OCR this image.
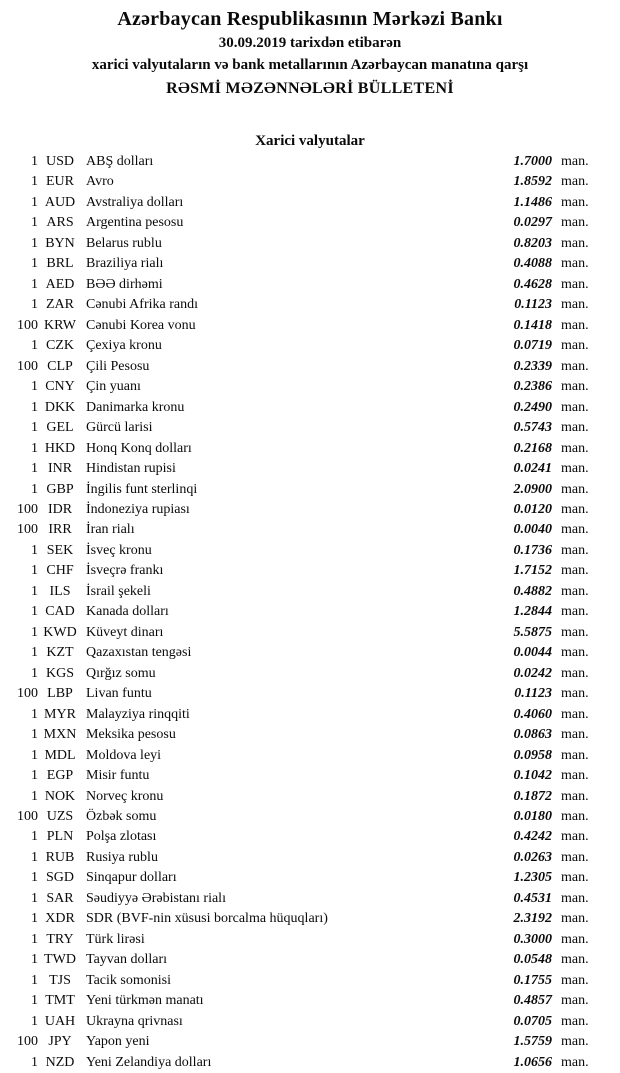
Azərbaycan Respublikasının Mərkəzi Bankı
30.09.2019 tarixdən etibarən
xarici valyutaların və bank metallarının Azərbaycan manatına qarşı
RƏSMİ MƏZƏNNƏLƏRİ BÜLLETENİ
Xarici valyutalar
1 USD ABŞ dolları	1.7000 man.
1 EUR Avro	1.8592 man.
1 AUD Avstraliya dolları	1.1486 man.
1 ARS Argentina pesosu	0.0297 man.
1 BYN Belarus rublu	0.8203 man.
1 BRL Braziliya rialı	0.4088 man.
1 AED BƏƏ dirhəmi	0.4628 man.
1 ZAR Cənubi Afrika randı	0.1123 man.
100 KRW Cənubi Korea vonu	0.1418 man.
1 CZK Çexiya kronu	0.0719 man.
100 CLP Çili Pesosu	0.2339 man.
1 CNY Çin yuanı	0.2386 man.
1 DKK Danimarka kronu	0.2490 man.
1 GEL Gürcü larisi	0.5743 man.
1 HKD Honq Konq dolları	0.2168 man.
1 INR Hindistan rupisi	0.0241 man.
1 GBP İngilis funt sterlinqi	2.0900 man.
100 IDR İndoneziya rupiası	0.0120 man.
100 IRR	İran rialı	0.0040 man.
1 SEK İsveç kronu	0.1736 man.
1 CHF İsveçrə frankı	1.7152 man.
1 ILS	İsrail şekeli	0.4882 man.
1 CAD Kanada dolları	1.2844 man.
1 KWD Küveyt dinarı	5.5875 man.
1 KZT Qazaxıstan tengəsi	0.0044 man.
1 KGS Qırğız somu	0.0242 man.
100 LBP Livan funtu	0.1123 man.
1 MYR Malayziya rinqqiti	0.4060 man.
1 MXN Meksika pesosu	0.0863 man.
1 MDL Moldova leyi	0.0958 man.
1 EGP Misir funtu	0.1042 man.
1 NOK Norveç kronu	0.1872 man.
100 UZS Özbək somu	0.0180 man.
1 PLN Polşa zlotası	0.4242 man.
1 RUB Rusiya rublu	0.0263 man.
1 SGD Sinqapur dolları	1.2305 man.
1 SAR Səudiyyə Ərəbistanı rialı	0.4531 man.
1 XDR SDR (BVF-nin xüsusi borcalma hüquqları)	2.3192 man.
1 TRY Türk lirəsi	0.3000 man.
1 TWD Tayvan dolları	0.0548 man.
1 TJS	Tacik somonisi	0.1755 man.
1 TMT Yeni türkmən manatı	0.4857 man.
1 UAH Ukrayna qrivnası	0.0705 man.
100 JPY	Yapon yeni	1.5759 man.
1 NZD Yeni Zelandiya dolları	1.0656 man.
